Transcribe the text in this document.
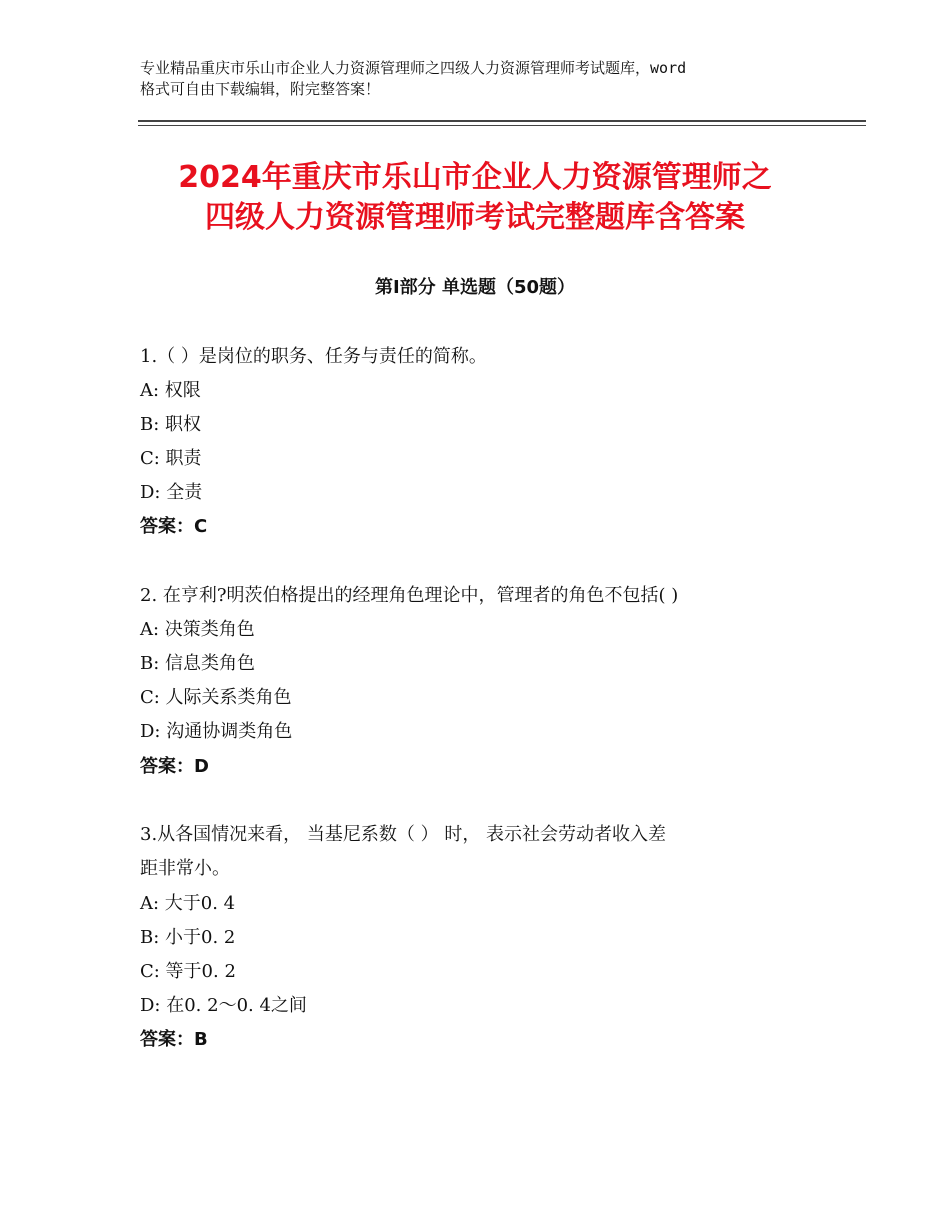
专业精品重庆市乐山市企业人力资源管理师之四级人力资源管理师考试题库，word
格式可自由下载编辑，附完整答案！
2024年重庆市乐山市企业人力资源管理师之
四级人力资源管理师考试完整题库含答案
第Ⅰ部分 单选题（50题）
1.（ ）是岗位的职务、任务与责任的简称。
A: 权限
B: 职权
C: 职责
D: 全责
答案：C
2. 在亨利?明茨伯格提出的经理角色理论中，管理者的角色不包括( )
A: 决策类角色
B: 信息类角色
C: 人际关系类角色
D: 沟通协调类角色
答案：D
3.从各国情况来看， 当基尼系数（ ） 时， 表示社会劳动者收入差
距非常小。
A: 大于0. 4
B: 小于0. 2
C: 等于0. 2
D: 在0. 2～0. 4之间
答案：B
